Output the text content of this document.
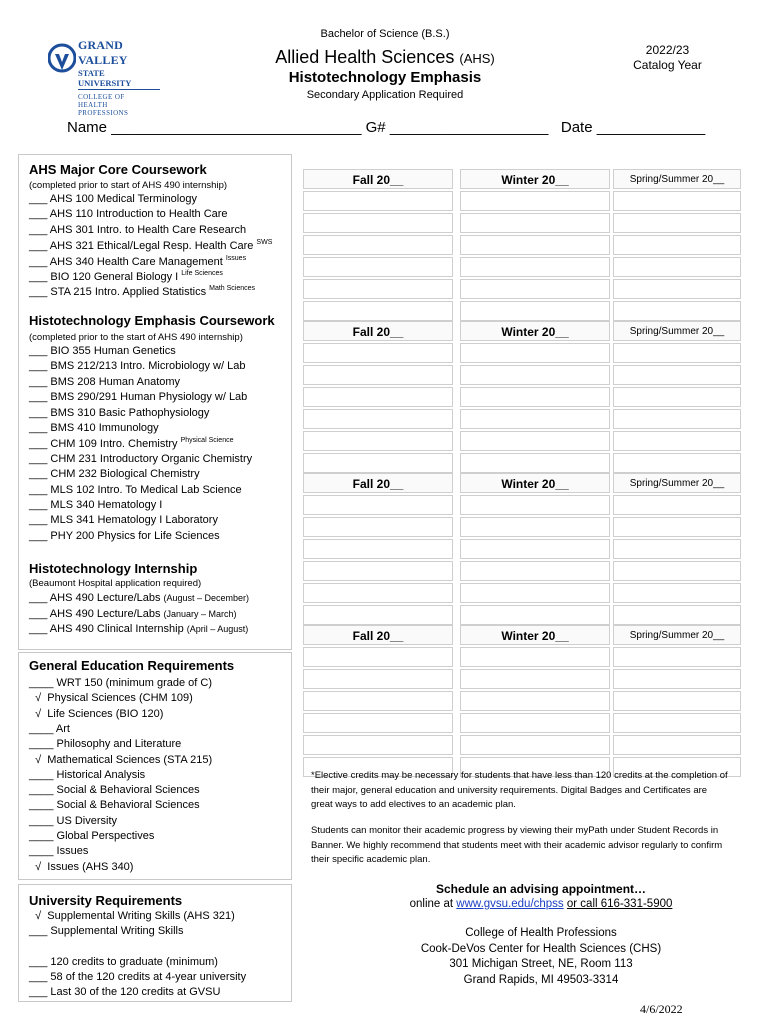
GRAND VALLEY
STATE UNIVERSITY
COLLEGE OF
HEALTH PROFESSIONS
Bachelor of Science (B.S.)
Allied Health Sciences (AHS)
Histotechnology Emphasis
Secondary Application Required
2022/23
Catalog Year
Name ______________________________ G# ___________________ Date _____________
AHS Major Core Coursework
(completed prior to start of AHS 490 internship)
___ AHS 100 Medical Terminology
___ AHS 110 Introduction to Health Care
___ AHS 301 Intro. to Health Care Research
___ AHS 321 Ethical/Legal Resp. Health Care $^{SWS}$
___ AHS 340 Health Care Management $^{Issues}$
___ BIO 120 General Biology I $^{Life Sciences}$
___ STA 215 Intro. Applied Statistics $^{Math Sciences}$
Histotechnology Emphasis Coursework
(completed prior to the start of AHS 490 internship)
___ BIO 355 Human Genetics
___ BMS 212/213 Intro. Microbiology w/ Lab
___ BMS 208 Human Anatomy
___ BMS 290/291 Human Physiology w/ Lab
___ BMS 310 Basic Pathophysiology
___ BMS 410 Immunology
___ CHM 109 Intro. Chemistry $^{Physical Science}$
___ CHM 231 Introductory Organic Chemistry
___ CHM 232 Biological Chemistry
___ MLS 102 Intro. To Medical Lab Science
___ MLS 340 Hematology I
___ MLS 341 Hematology I Laboratory
___ PHY 200 Physics for Life Sciences
Histotechnology Internship
(Beaumont Hospital application required)
___ AHS 490 Lecture/Labs (August – December)
___ AHS 490 Lecture/Labs (January – March)
___ AHS 490 Clinical Internship (April – August)
General Education Requirements
____ WRT 150 (minimum grade of C)
√  Physical Sciences (CHM 109)
√  Life Sciences (BIO 120)
____ Art
____ Philosophy and Literature
√  Mathematical Sciences (STA 215)
____ Historical Analysis
____ Social & Behavioral Sciences
____ Social & Behavioral Sciences
____ US Diversity
____ Global Perspectives
____ Issues
√  Issues (AHS 340)
University Requirements
√  Supplemental Writing Skills (AHS 321)
___ Supplemental Writing Skills
___ 120 credits to graduate (minimum)
___ 58 of the 120 credits at 4-year university
___ Last 30 of the 120 credits at GVSU
Fall 20__	Winter 20__	Spring/Summer 20__
Fall 20__	Winter 20__	Spring/Summer 20__
Fall 20__	Winter 20__	Spring/Summer 20__
Fall 20__	Winter 20__	Spring/Summer 20__
*Elective credits may be necessary for students that have less than 120 credits at the completion of their major, general education and university requirements. Digital Badges and Certificates are great ways to add electives to an academic plan.
Students can monitor their academic progress by viewing their myPath under Student Records in Banner. We highly recommend that students meet with their academic advisor regularly to confirm their specific academic plan.
Schedule an advising appointment…
online at www.gvsu.edu/chpss or call 616-331-5900
College of Health Professions
Cook-DeVos Center for Health Sciences (CHS)
301 Michigan Street, NE, Room 113
Grand Rapids, MI 49503-3314
4/6/2022
